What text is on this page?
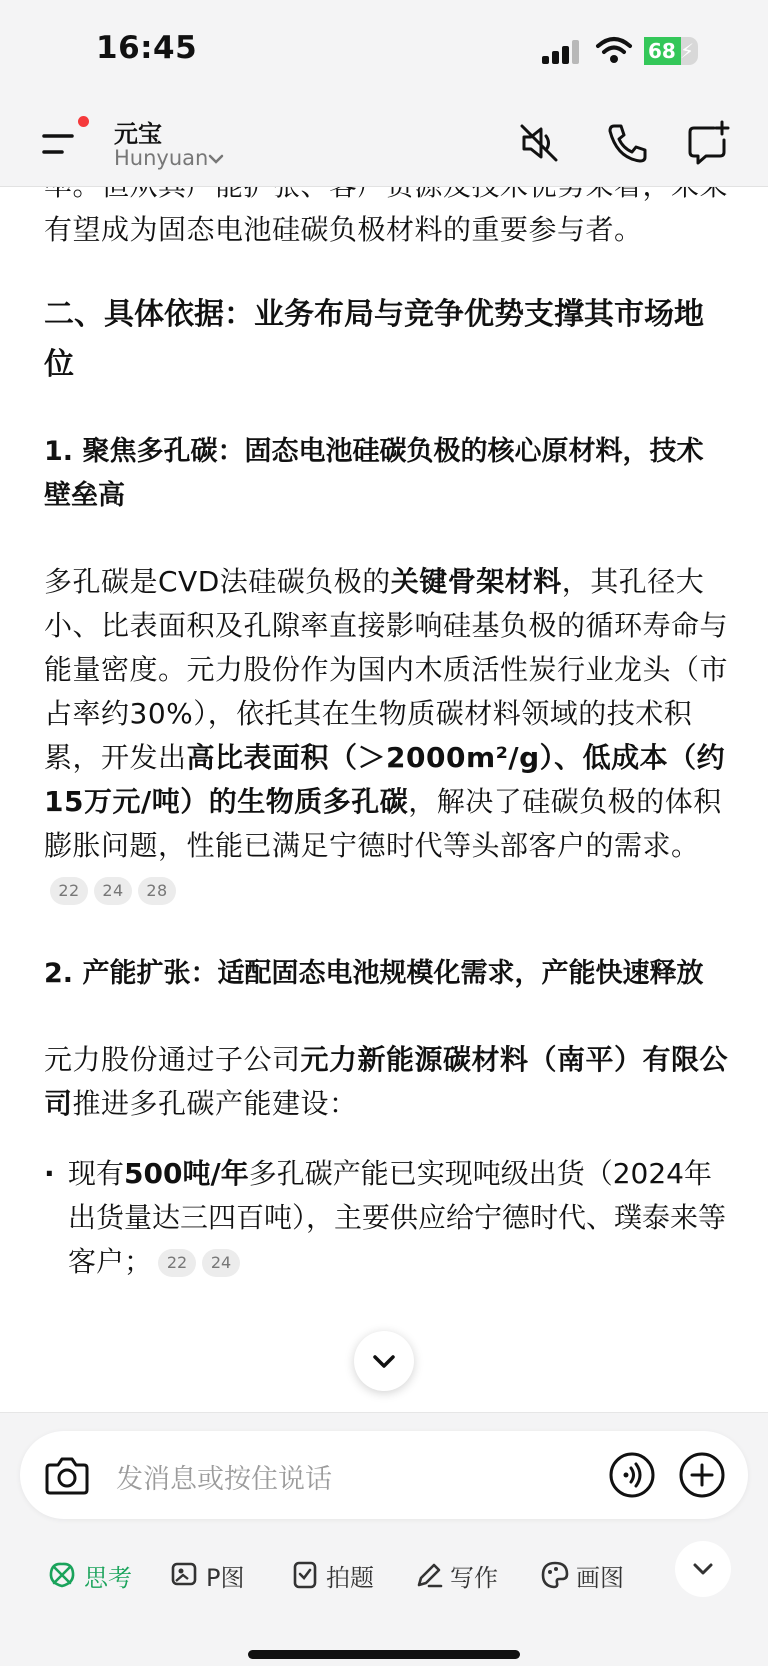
16:45	68 ⚡
元宝
Hunyuan

有望成为固态电池硅碳负极材料的重要参与者。

二、具体依据：业务布局与竞争优势支撑其市场地位
1. 聚焦多孔碳：固态电池硅碳负极的核心原材料，技术壁垒高

多孔碳是CVD法硅碳负极的关键骨架材料，其孔径大小、比表面积及孔隙率直接影响硅基负极的循环寿命与能量密度。元力股份作为国内木质活性炭行业龙头（市占率约30%），依托其在生物质碳材料领域的技术积累，开发出高比表面积（＞2000m²/g）、低成本（约15万元/吨）的生物质多孔碳，解决了硅碳负极的体积膨胀问题，性能已满足宁德时代等头部客户的需求。22 24 28

2. 产能扩张：适配固态电池规模化需求，产能快速释放

元力股份通过子公司元力新能源碳材料（南平）有限公司推进多孔碳产能建设：

· 现有500吨/年多孔碳产能已实现吨级出货（2024年出货量达三四百吨），主要供应给宁德时代、璞泰来等客户； 22 24
发消息或按住说话
思考	P图	拍题	写作	画图
